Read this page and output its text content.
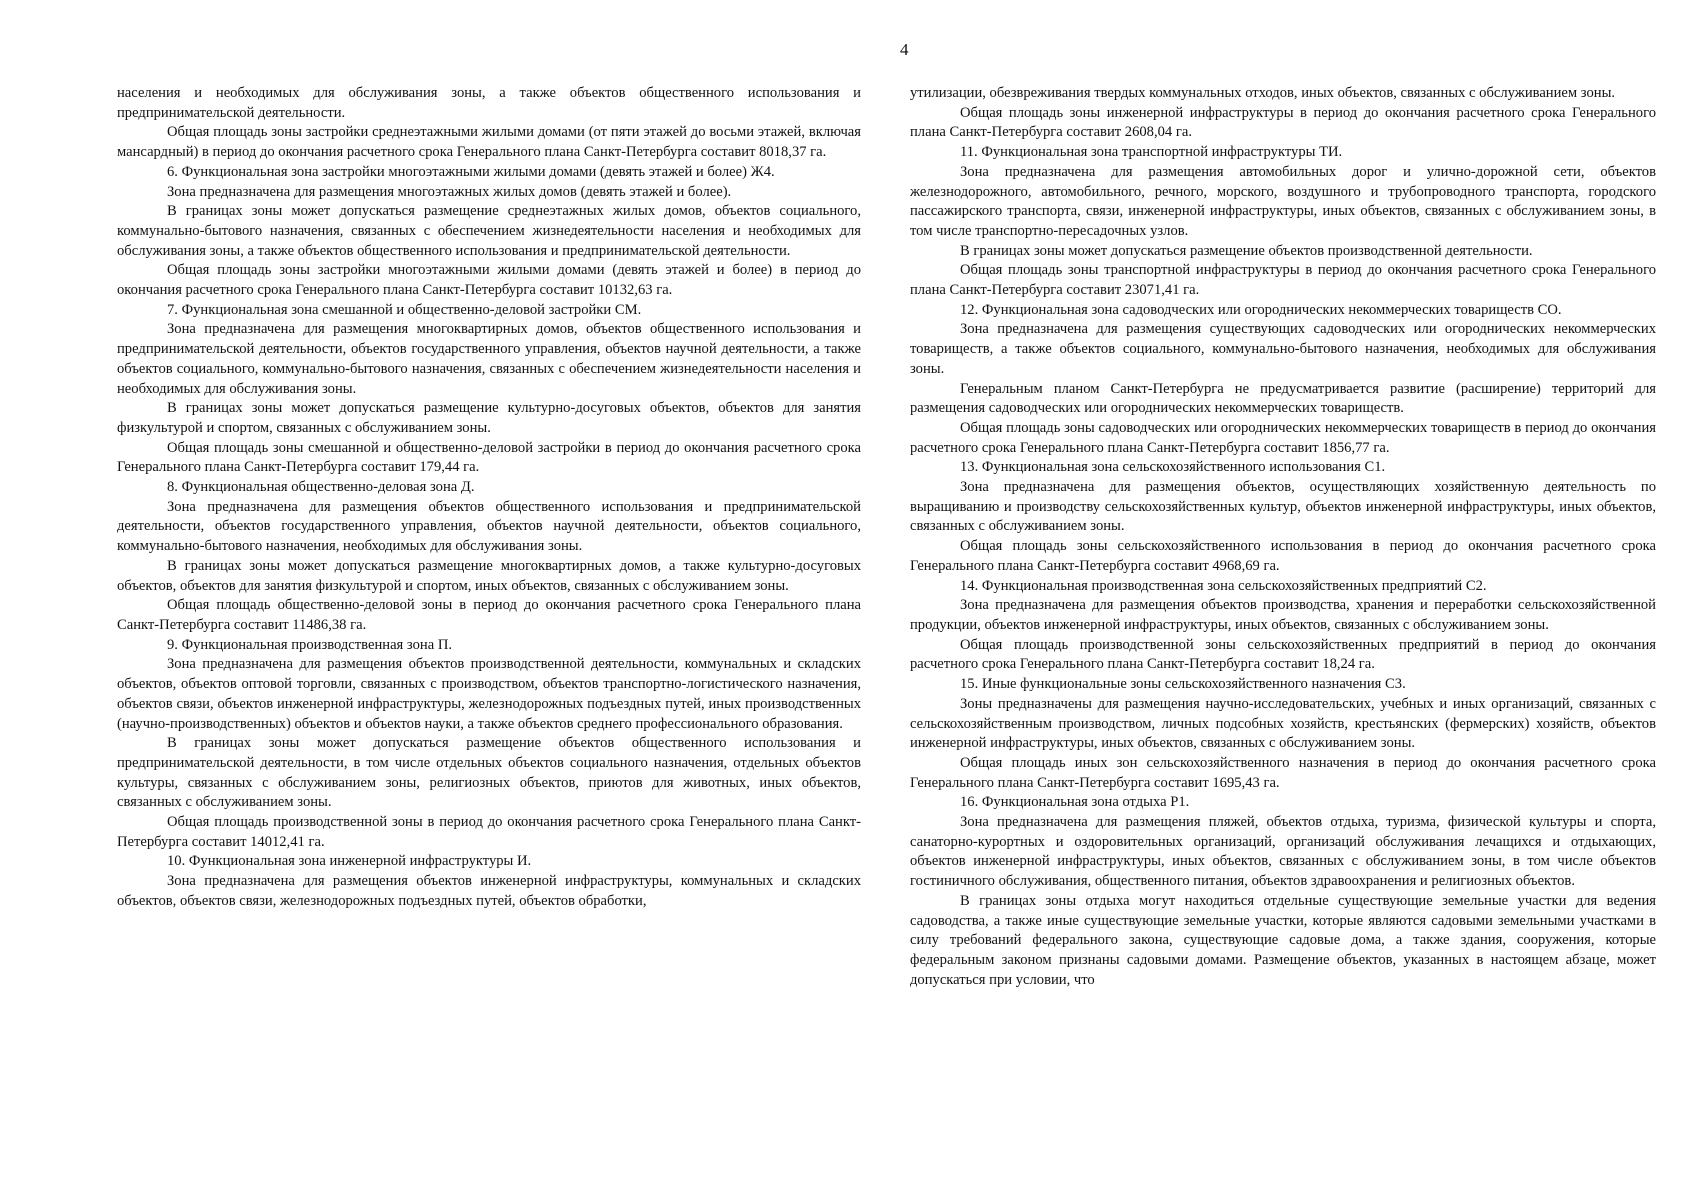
4

населения и необходимых для обслуживания зоны, а также объектов общественного использования и предпринимательской деятельности.

Общая площадь зоны застройки среднеэтажными жилыми домами (от пяти этажей до восьми этажей, включая мансардный) в период до окончания расчетного срока Генерального плана Санкт-Петербурга составит 8018,37 га.

6. Функциональная зона застройки многоэтажными жилыми домами (девять этажей и более) Ж4.

Зона предназначена для размещения многоэтажных жилых домов (девять этажей и более).

В границах зоны может допускаться размещение среднеэтажных жилых домов, объектов социального, коммунально-бытового назначения, связанных с обеспечением жизнедеятельности населения и необходимых для обслуживания зоны, а также объектов общественного использования и предпринимательской деятельности.

Общая площадь зоны застройки многоэтажными жилыми домами (девять этажей и более) в период до окончания расчетного срока Генерального плана Санкт-Петербурга составит 10132,63 га.

7. Функциональная зона смешанной и общественно-деловой застройки СМ.

Зона предназначена для размещения многоквартирных домов, объектов общественного использования и предпринимательской деятельности, объектов государственного управления, объектов научной деятельности, а также объектов социального, коммунально-бытового назначения, связанных с обеспечением жизнедеятельности населения и необходимых для обслуживания зоны.

В границах зоны может допускаться размещение культурно-досуговых объектов, объектов для занятия физкультурой и спортом, связанных с обслуживанием зоны.

Общая площадь зоны смешанной и общественно-деловой застройки в период до окончания расчетного срока Генерального плана Санкт-Петербурга составит 179,44 га.

8. Функциональная общественно-деловая зона Д.

Зона предназначена для размещения объектов общественного использования и предпринимательской деятельности, объектов государственного управления, объектов научной деятельности, объектов социального, коммунально-бытового назначения, необходимых для обслуживания зоны.

В границах зоны может допускаться размещение многоквартирных домов, а также культурно-досуговых объектов, объектов для занятия физкультурой и спортом, иных объектов, связанных с обслуживанием зоны.

Общая площадь общественно-деловой зоны в период до окончания расчетного срока Генерального плана Санкт-Петербурга составит 11486,38 га.

9. Функциональная производственная зона П.

Зона предназначена для размещения объектов производственной деятельности, коммунальных и складских объектов, объектов оптовой торговли, связанных с производством, объектов транспортно-логистического назначения, объектов связи, объектов инженерной инфраструктуры, железнодорожных подъездных путей, иных производственных (научно-производственных) объектов и объектов науки, а также объектов среднего профессионального образования.

В границах зоны может допускаться размещение объектов общественного использования и предпринимательской деятельности, в том числе отдельных объектов социального назначения, отдельных объектов культуры, связанных с обслуживанием зоны, религиозных объектов, приютов для животных, иных объектов, связанных с обслуживанием зоны.

Общая площадь производственной зоны в период до окончания расчетного срока Генерального плана Санкт-Петербурга составит 14012,41 га.

10. Функциональная зона инженерной инфраструктуры И.

Зона предназначена для размещения объектов инженерной инфраструктуры, коммунальных и складских объектов, объектов связи, железнодорожных подъездных путей, объектов обработки,

утилизации, обезвреживания твердых коммунальных отходов, иных объектов, связанных с обслуживанием зоны.

Общая площадь зоны инженерной инфраструктуры в период до окончания расчетного срока Генерального плана Санкт-Петербурга составит 2608,04 га.

11. Функциональная зона транспортной инфраструктуры ТИ.

Зона предназначена для размещения автомобильных дорог и улично-дорожной сети, объектов железнодорожного, автомобильного, речного, морского, воздушного и трубопроводного транспорта, городского пассажирского транспорта, связи, инженерной инфраструктуры, иных объектов, связанных с обслуживанием зоны, в том числе транспортно-пересадочных узлов.

В границах зоны может допускаться размещение объектов производственной деятельности.

Общая площадь зоны транспортной инфраструктуры в период до окончания расчетного срока Генерального плана Санкт-Петербурга составит 23071,41 га.

12. Функциональная зона садоводческих или огороднических некоммерческих товариществ СО.

Зона предназначена для размещения существующих садоводческих или огороднических некоммерческих товариществ, а также объектов социального, коммунально-бытового назначения, необходимых для обслуживания зоны.

Генеральным планом Санкт-Петербурга не предусматривается развитие (расширение) территорий для размещения садоводческих или огороднических некоммерческих товариществ.

Общая площадь зоны садоводческих или огороднических некоммерческих товариществ в период до окончания расчетного срока Генерального плана Санкт-Петербурга составит 1856,77 га.

13. Функциональная зона сельскохозяйственного использования С1.

Зона предназначена для размещения объектов, осуществляющих хозяйственную деятельность по выращиванию и производству сельскохозяйственных культур, объектов инженерной инфраструктуры, иных объектов, связанных с обслуживанием зоны.

Общая площадь зоны сельскохозяйственного использования в период до окончания расчетного срока Генерального плана Санкт-Петербурга составит 4968,69 га.

14. Функциональная производственная зона сельскохозяйственных предприятий С2.

Зона предназначена для размещения объектов производства, хранения и переработки сельскохозяйственной продукции, объектов инженерной инфраструктуры, иных объектов, связанных с обслуживанием зоны.

Общая площадь производственной зоны сельскохозяйственных предприятий в период до окончания расчетного срока Генерального плана Санкт-Петербурга составит 18,24 га.

15. Иные функциональные зоны сельскохозяйственного назначения С3.

Зоны предназначены для размещения научно-исследовательских, учебных и иных организаций, связанных с сельскохозяйственным производством, личных подсобных хозяйств, крестьянских (фермерских) хозяйств, объектов инженерной инфраструктуры, иных объектов, связанных с обслуживанием зоны.

Общая площадь иных зон сельскохозяйственного назначения в период до окончания расчетного срока Генерального плана Санкт-Петербурга составит 1695,43 га.

16. Функциональная зона отдыха Р1.

Зона предназначена для размещения пляжей, объектов отдыха, туризма, физической культуры и спорта, санаторно-курортных и оздоровительных организаций, организаций обслуживания лечащихся и отдыхающих, объектов инженерной инфраструктуры, иных объектов, связанных с обслуживанием зоны, в том числе объектов гостиничного обслуживания, общественного питания, объектов здравоохранения и религиозных объектов.

В границах зоны отдыха могут находиться отдельные существующие земельные участки для ведения садоводства, а также иные существующие земельные участки, которые являются садовыми земельными участками в силу требований федерального закона, существующие садовые дома, а также здания, сооружения, которые федеральным законом признаны садовыми домами. Размещение объектов, указанных в настоящем абзаце, может допускаться при условии, что
